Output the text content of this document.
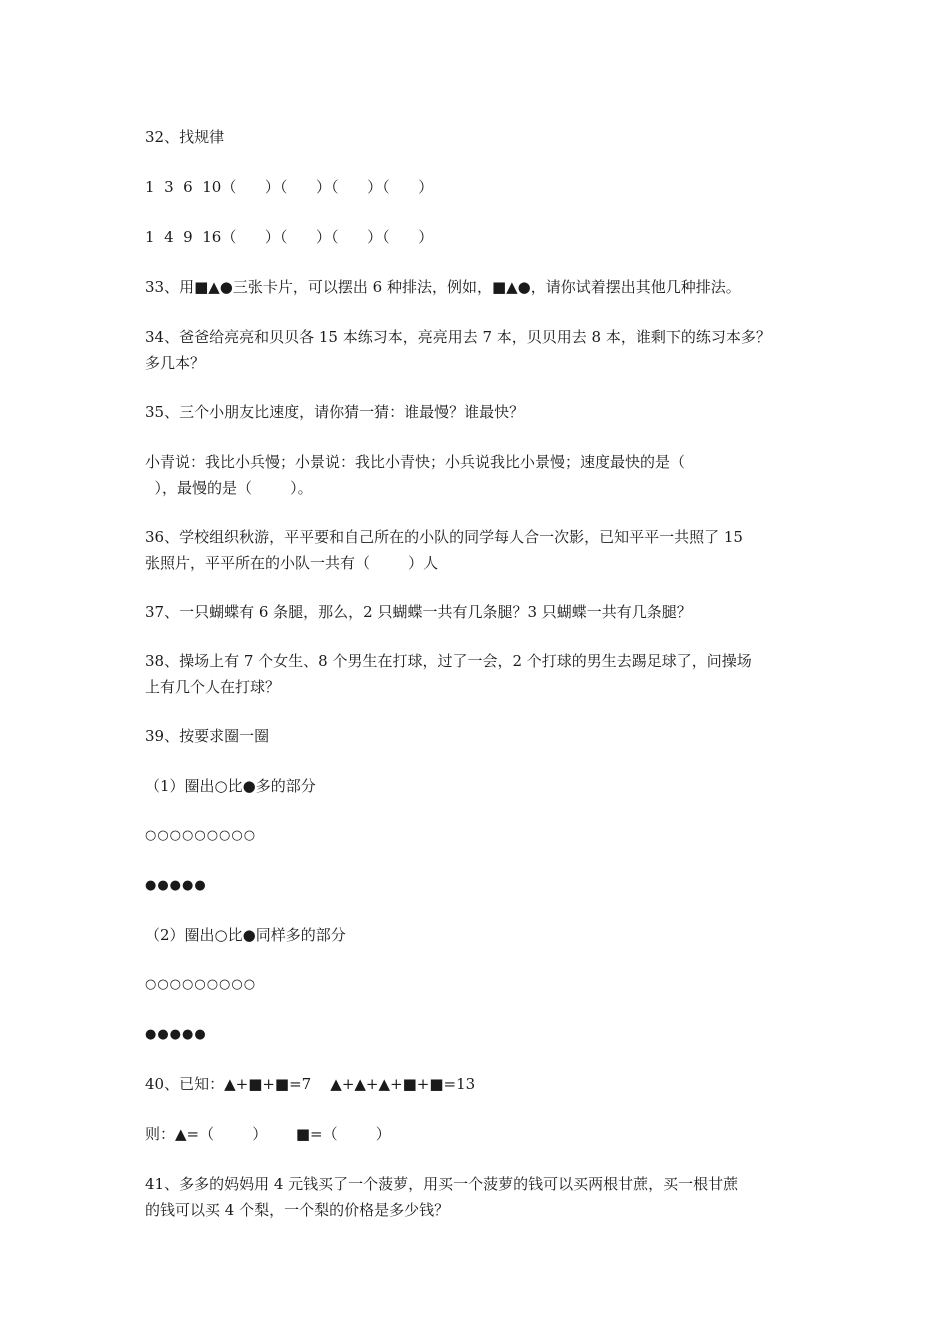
32、找规律
1  3  6  10（      ）（      ）（      ）（      ）
1  4  9  16（      ）（      ）（      ）（      ）
33、用■▲●三张卡片，可以摆出 6 种排法，例如，■▲●，请你试着摆出其他几种排法。
34、爸爸给亮亮和贝贝各 15 本练习本，亮亮用去 7 本，贝贝用去 8 本，谁剩下的练习本多？
多几本？
35、三个小朋友比速度，请你猜一猜：谁最慢？谁最快？
小青说：我比小兵慢；小景说：我比小青快；小兵说我比小景慢；速度最快的是（
），最慢的是（        ）。
36、学校组织秋游，平平要和自己所在的小队的同学每人合一次影，已知平平一共照了 15
张照片，平平所在的小队一共有（        ）人
37、一只蝴蝶有 6 条腿，那么，2 只蝴蝶一共有几条腿？3 只蝴蝶一共有几条腿？
38、操场上有 7 个女生、8 个男生在打球，过了一会，2 个打球的男生去踢足球了，问操场
上有几个人在打球？
39、按要求圈一圈
（1）圈出○比●多的部分
○○○○○○○○○
●●●●●
（2）圈出○比●同样多的部分
○○○○○○○○○
●●●●●
40、已知：▲+■+■=7    ▲+▲+▲+■+■=13
则：▲=（        ）      ■=（        ）
41、多多的妈妈用 4 元钱买了一个菠萝，用买一个菠萝的钱可以买两根甘蔗，买一根甘蔗
的钱可以买 4 个梨，一个梨的价格是多少钱？
